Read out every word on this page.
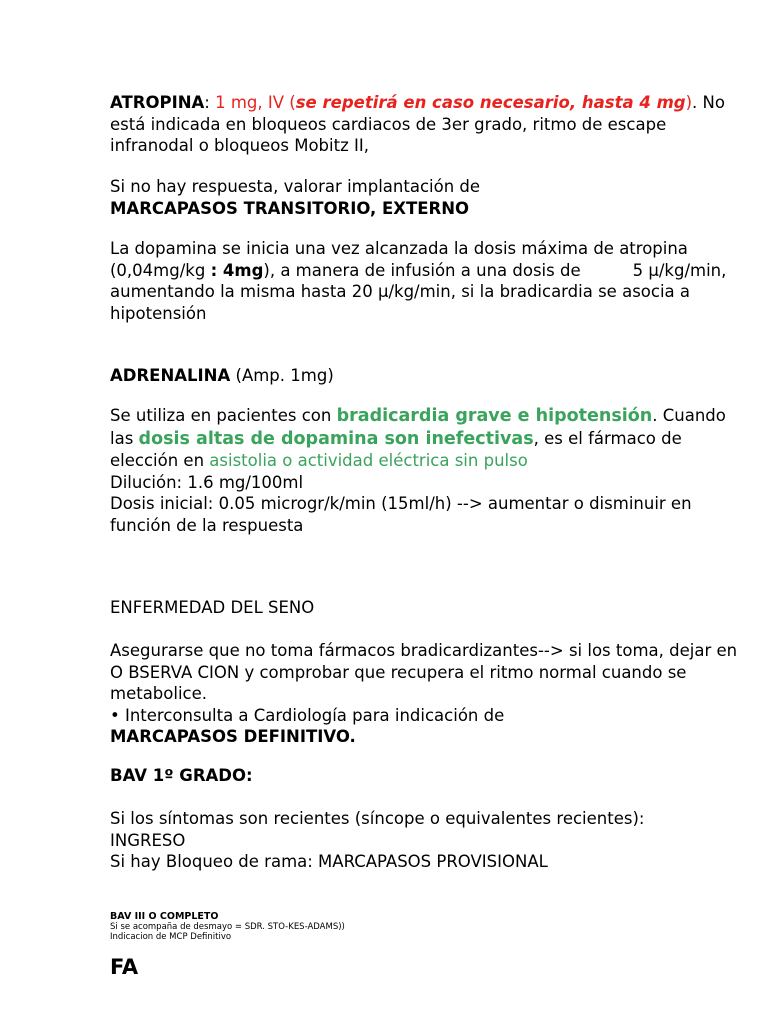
ATROPINA: 1 mg, IV (se repetirá en caso necesario, hasta 4 mg). No está indicada en bloqueos cardiacos de 3er grado, ritmo de escape infranodal o bloqueos Mobitz II,

Si no hay respuesta, valorar implantación de

MARCAPASOS TRANSITORIO, EXTERNO

La dopamina se inicia una vez alcanzada la dosis máxima de atropina (0,04mg/kg : 4mg), a manera de infusión a una dosis de	5 µ/kg/min, aumentando la misma hasta 20 µ/kg/min, si la bradicardia se asocia a hipotensión

ADRENALINA (Amp. 1mg)

Se utiliza en pacientes con bradicardia grave e hipotensión. Cuando las dosis altas de dopamina son inefectivas, es el fármaco de elección en asistolia o actividad eléctrica sin pulso

Dilución: 1.6 mg/100ml

Dosis inicial: 0.05 microgr/k/min (15ml/h) --> aumentar o disminuir en función de la respuesta

ENFERMEDAD DEL SENO

Asegurarse que no toma fármacos bradicardizantes--> si los toma, dejar en O BSERVA CION y comprobar que recupera el ritmo normal cuando se metabolice.

• Interconsulta a Cardiología para indicación de

MARCAPASOS DEFINITIVO.

BAV 1º GRADO:

Si los síntomas son recientes (síncope o equivalentes recientes):

INGRESO

Si hay Bloqueo de rama: MARCAPASOS PROVISIONAL

BAV III O COMPLETO

Si se acompaña de desmayo = SDR. STO-KES-ADAMS))

Indicacion de MCP Definitivo

FA
